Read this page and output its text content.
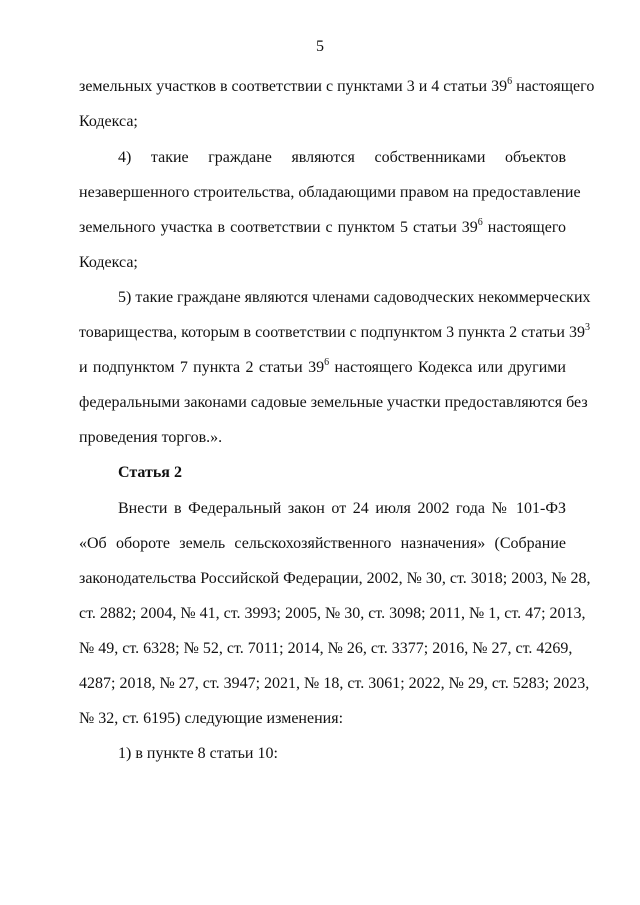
5
земельных участков в соответствии с пунктами 3 и 4 статьи $39^6$ настоящего
Кодекса;
4) такие граждане являются собственниками объектов
незавершенного строительства, обладающими правом на предоставление
земельного участка в соответствии с пунктом 5 статьи $39^6$ настоящего
Кодекса;
5) такие граждане являются членами садоводческих некоммерческих
товарищества, которым в соответствии с подпунктом 3 пункта 2 статьи $39^3$
и подпунктом 7 пункта 2 статьи $39^6$ настоящего Кодекса или другими
федеральными законами садовые земельные участки предоставляются без
проведения торгов.».
Статья 2
Внести в Федеральный закон от 24 июля 2002 года № 101-ФЗ
«Об обороте земель сельскохозяйственного назначения» (Собрание
законодательства Российской Федерации, 2002, № 30, ст. 3018; 2003, № 28,
ст. 2882; 2004, № 41, ст. 3993; 2005, № 30, ст. 3098; 2011, № 1, ст. 47; 2013,
№ 49, ст. 6328; № 52, ст. 7011; 2014, № 26, ст. 3377; 2016, № 27, ст. 4269,
4287; 2018, № 27, ст. 3947; 2021, № 18, ст. 3061; 2022, № 29, ст. 5283; 2023,
№ 32, ст. 6195) следующие изменения:
1) в пункте 8 статьи 10:
